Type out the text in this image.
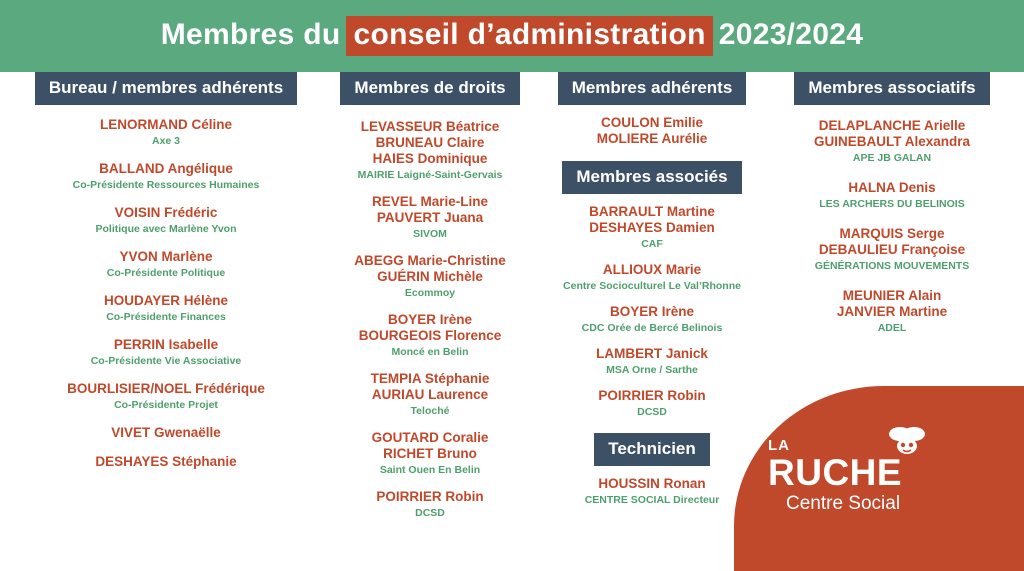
Membres du conseil d’administration 2023/2024
Bureau / membres adhérents
LENORMAND Céline
Axe 3
BALLAND Angélique
Co-Présidente Ressources Humaines
VOISIN Frédéric
Politique avec Marlène Yvon
YVON Marlène
Co-Présidente Politique
HOUDAYER Hélène
Co-Présidente Finances
PERRIN Isabelle
Co-Présidente Vie Associative
BOURLISIER/NOEL Frédérique
Co-Présidente Projet
VIVET Gwenaëlle
DESHAYES Stéphanie
Membres de droits
LEVASSEUR Béatrice
BRUNEAU Claire
HAIES Dominique
MAIRIE Laigné-Saint-Gervais
REVEL Marie-Line
PAUVERT Juana
SIVOM
ABEGG Marie-Christine
GUÉRIN Michèle
Ecommoy
BOYER Irène
BOURGEOIS Florence
Moncé en Belin
TEMPIA Stéphanie
AURIAU Laurence
Teloché
GOUTARD Coralie
RICHET Bruno
Saint Ouen En Belin
POIRRIER Robin
DCSD
Membres adhérents
COULON Emilie
MOLIERE Aurélie
Membres associés
BARRAULT Martine
DESHAYES Damien
CAF
ALLIOUX Marie
Centre Socioculturel Le Val’Rhonne
BOYER Irène
CDC Orée de Bercé Belinois
LAMBERT Janick
MSA Orne / Sarthe
POIRRIER Robin
DCSD
Technicien
HOUSSIN Ronan
CENTRE SOCIAL Directeur
Membres associatifs
DELAPLANCHE Arielle
GUINEBAULT Alexandra
APE JB GALAN
HALNA Denis
LES ARCHERS DU BELINOIS
MARQUIS Serge
DEBAULIEU Françoise
GÉNÉRATIONS MOUVEMENTS
MEUNIER Alain
JANVIER Martine
ADEL
LA
RUCHE
Centre Social
